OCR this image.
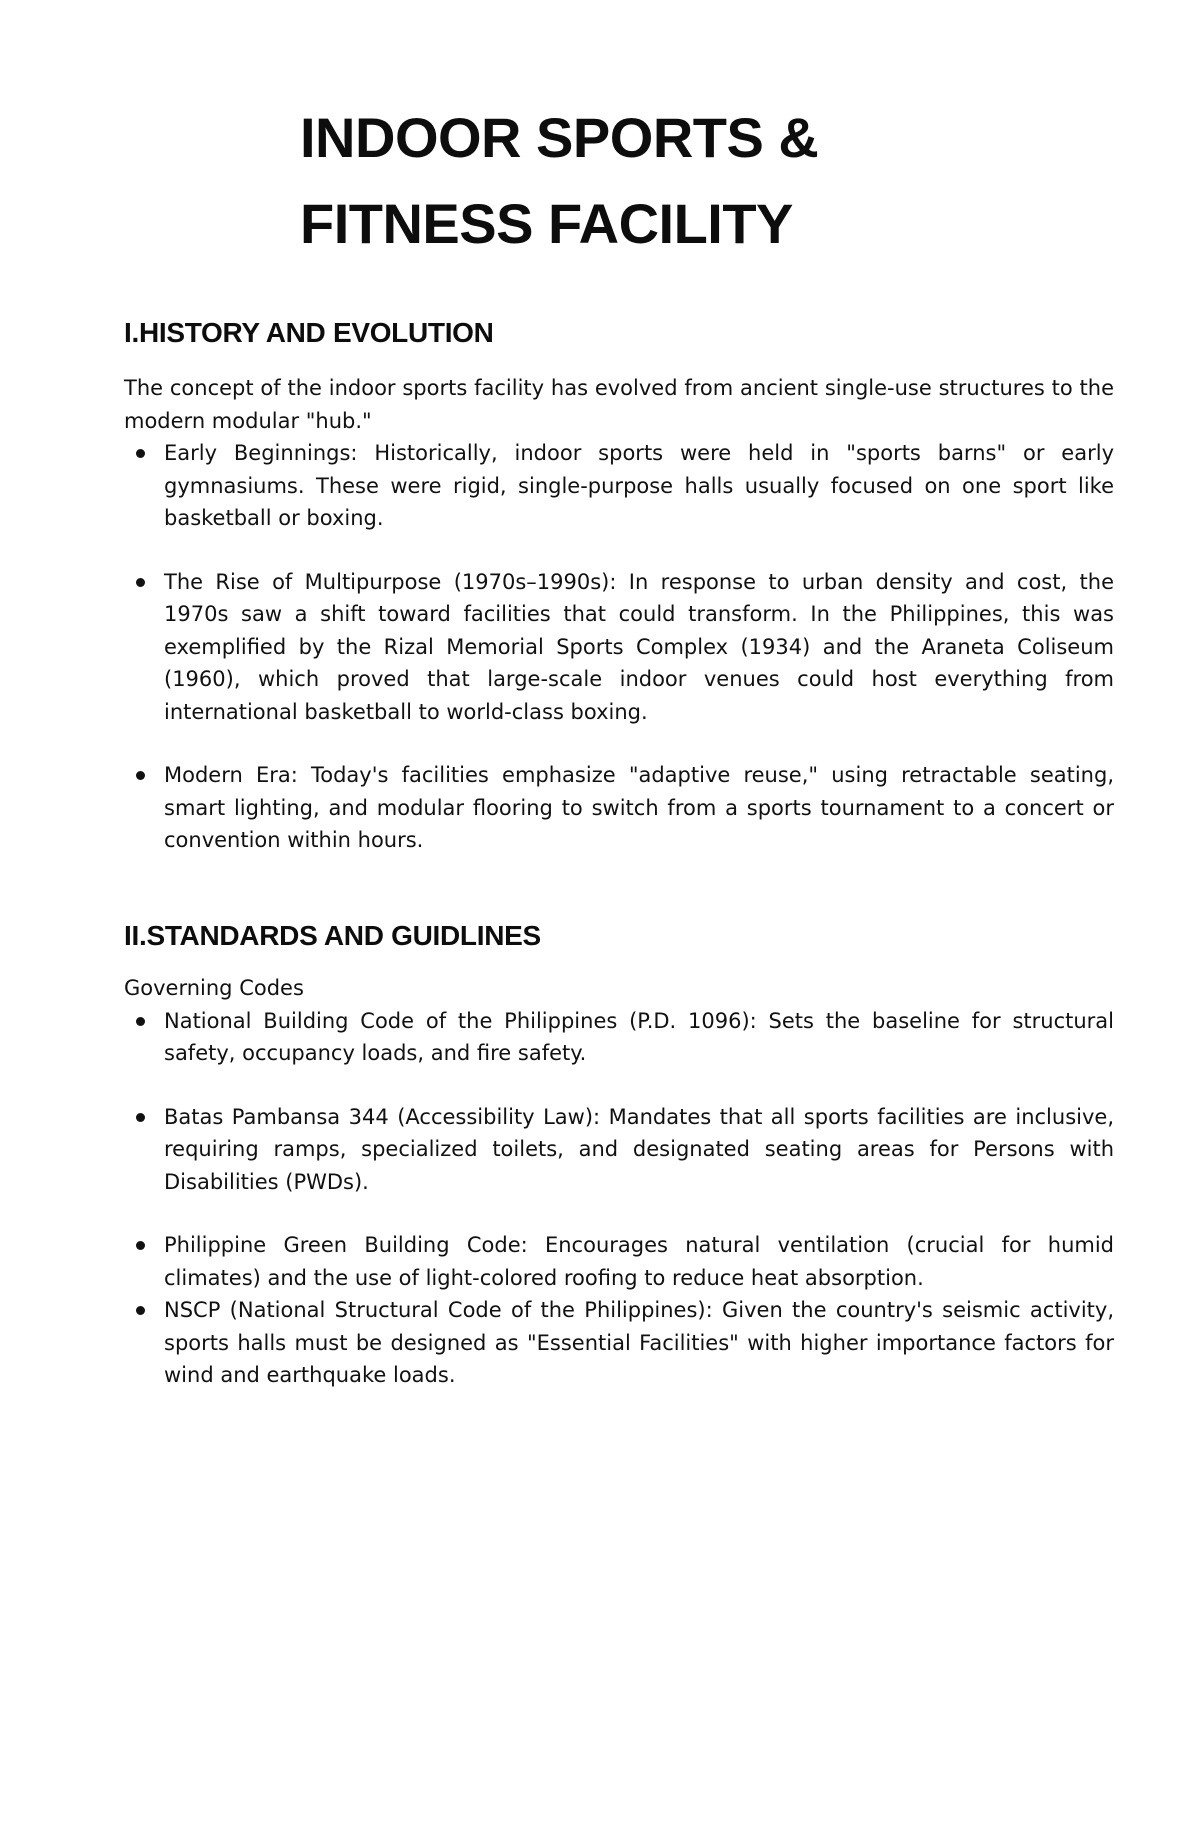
INDOOR SPORTS &
FITNESS FACILITY
I.HISTORY AND EVOLUTION

The concept of the indoor sports facility has evolved from ancient single-use structures to the modern modular "hub."

Early Beginnings: Historically, indoor sports were held in "sports barns" or early gymnasiums. These were rigid, single-purpose halls usually focused on one sport like basketball or boxing.
The Rise of Multipurpose (1970s–1990s): In response to urban density and cost, the 1970s saw a shift toward facilities that could transform. In the Philippines, this was exemplified by the Rizal Memorial Sports Complex (1934) and the Araneta Coliseum (1960), which proved that large-scale indoor venues could host everything from international basketball to world-class boxing.
Modern Era: Today's facilities emphasize "adaptive reuse," using retractable seating, smart lighting, and modular flooring to switch from a sports tournament to a concert or convention within hours.
II.STANDARDS AND GUIDLINES

Governing Codes

National Building Code of the Philippines (P.D. 1096): Sets the baseline for structural safety, occupancy loads, and fire safety.
Batas Pambansa 344 (Accessibility Law): Mandates that all sports facilities are inclusive, requiring ramps, specialized toilets, and designated seating areas for Persons with Disabilities (PWDs).
Philippine Green Building Code: Encourages natural ventilation (crucial for humid climates) and the use of light-colored roofing to reduce heat absorption.
NSCP (National Structural Code of the Philippines): Given the country's seismic activity, sports halls must be designed as "Essential Facilities" with higher importance factors for wind and earthquake loads.
